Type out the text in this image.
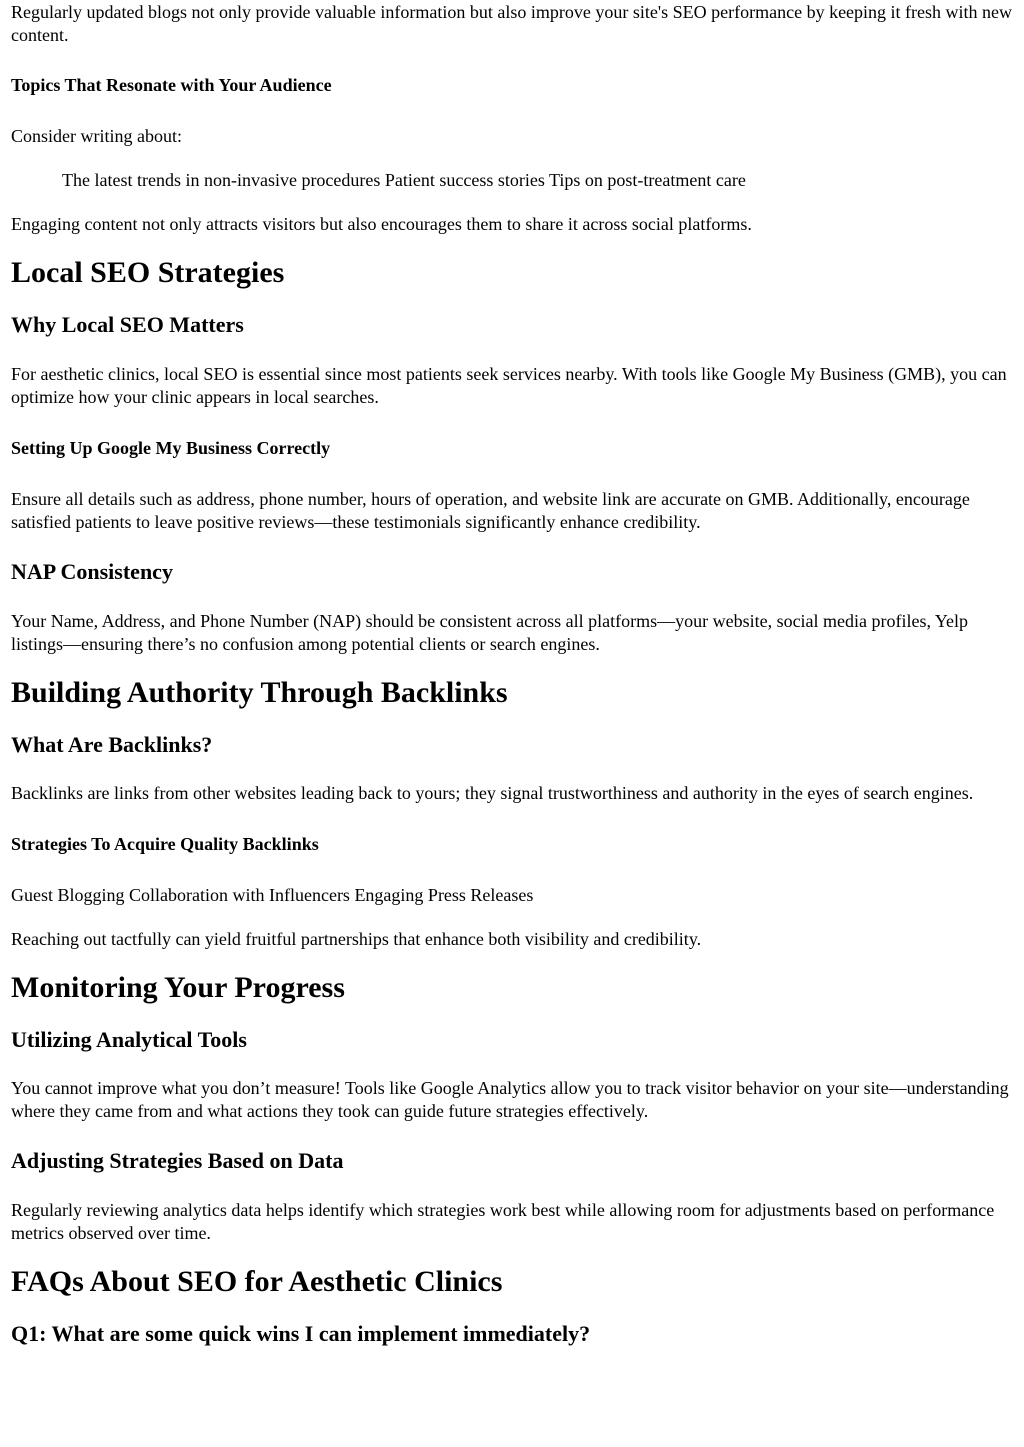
Regularly updated blogs not only provide valuable information but also improve your site's SEO performance by keeping it fresh with new content.

Topics That Resonate with Your Audience

Consider writing about:

The latest trends in non-invasive procedures Patient success stories Tips on post-treatment care

Engaging content not only attracts visitors but also encourages them to share it across social platforms.

Local SEO Strategies
Why Local SEO Matters

For aesthetic clinics, local SEO is essential since most patients seek services nearby. With tools like Google My Business (GMB), you can optimize how your clinic appears in local searches.

Setting Up Google My Business Correctly

Ensure all details such as address, phone number, hours of operation, and website link are accurate on GMB. Additionally, encourage satisfied patients to leave positive reviews—these testimonials significantly enhance credibility.

NAP Consistency

Your Name, Address, and Phone Number (NAP) should be consistent across all platforms—your website, social media profiles, Yelp listings—ensuring there’s no confusion among potential clients or search engines.

Building Authority Through Backlinks
What Are Backlinks?

Backlinks are links from other websites leading back to yours; they signal trustworthiness and authority in the eyes of search engines.

Strategies To Acquire Quality Backlinks

Guest Blogging Collaboration with Influencers Engaging Press Releases

Reaching out tactfully can yield fruitful partnerships that enhance both visibility and credibility.

Monitoring Your Progress
Utilizing Analytical Tools

You cannot improve what you don’t measure! Tools like Google Analytics allow you to track visitor behavior on your site—understanding where they came from and what actions they took can guide future strategies effectively.

Adjusting Strategies Based on Data

Regularly reviewing analytics data helps identify which strategies work best while allowing room for adjustments based on performance metrics observed over time.

FAQs About SEO for Aesthetic Clinics
Q1: What are some quick wins I can implement immediately?
